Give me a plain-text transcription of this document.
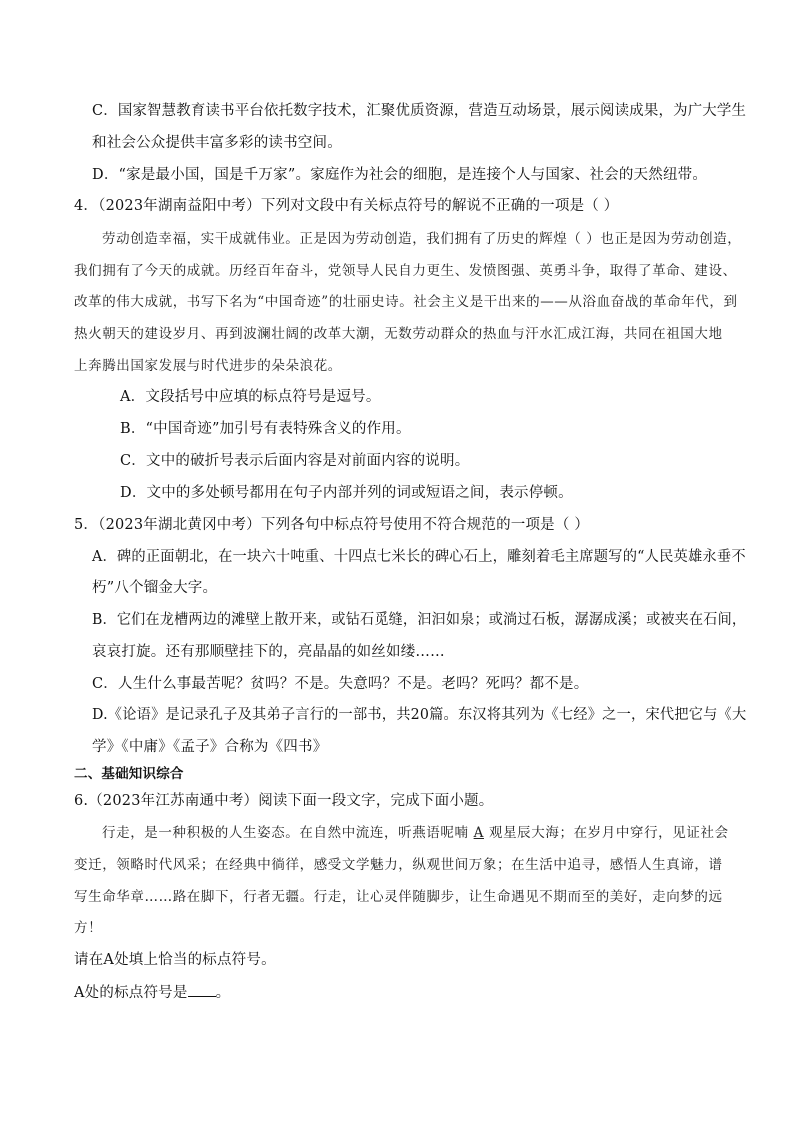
C．国家智慧教育读书平台依托数字技术，汇聚优质资源，营造互动场景，展示阅读成果，为广大学生
和社会公众提供丰富多彩的读书空间。
D．“家是最小国，国是千万家”。家庭作为社会的细胞，是连接个人与国家、社会的天然纽带。
4．（2023年湖南益阳中考）下列对文段中有关标点符号的解说不正确的一项是（ ）
劳动创造幸福，实干成就伟业。正是因为劳动创造，我们拥有了历史的辉煌（ ）也正是因为劳动创造，
我们拥有了今天的成就。历经百年奋斗，党领导人民自力更生、发愤图强、英勇斗争，取得了革命、建设、
改革的伟大成就，书写下名为“中国奇迹”的壮丽史诗。社会主义是干出来的——从浴血奋战的革命年代，到
热火朝天的建设岁月、再到波澜壮阔的改革大潮，无数劳动群众的热血与汗水汇成江海，共同在祖国大地
上奔腾出国家发展与时代进步的朵朵浪花。
A．文段括号中应填的标点符号是逗号。
B．“中国奇迹”加引号有表特殊含义的作用。
C．文中的破折号表示后面内容是对前面内容的说明。
D．文中的多处顿号都用在句子内部并列的词或短语之间，表示停顿。
5．（2023年湖北黄冈中考）下列各句中标点符号使用不符合规范的一项是（ ）
A．碑的正面朝北，在一块六十吨重、十四点七米长的碑心石上，雕刻着毛主席题写的“人民英雄永垂不
朽”八个镏金大字。
B．它们在龙槽两边的滩壁上散开来，或钻石觅缝，汩汩如泉；或淌过石板，潺潺成溪；或被夹在石间，
哀哀打旋。还有那顺壁挂下的，亮晶晶的如丝如缕……
C．人生什么事最苦呢？贫吗？不是。失意吗？不是。老吗？死吗？都不是。
D.《论语》是记录孔子及其弟子言行的一部书，共20篇。东汉将其列为《七经》之一，宋代把它与《大
学》《中庸》《孟子》合称为《四书》
二、基础知识综合
6.（2023年江苏南通中考）阅读下面一段文字，完成下面小题。
行走，是一种积极的人生姿态。在自然中流连，听燕语呢喃 A 观星辰大海；在岁月中穿行，见证社会
变迁，领略时代风采；在经典中徜徉，感受文学魅力，纵观世间万象；在生活中追寻，感悟人生真谛，谱
写生命华章……路在脚下，行者无疆。行走，让心灵伴随脚步，让生命遇见不期而至的美好，走向梦的远
方！
请在A处填上恰当的标点符号。
A处的标点符号是 。
